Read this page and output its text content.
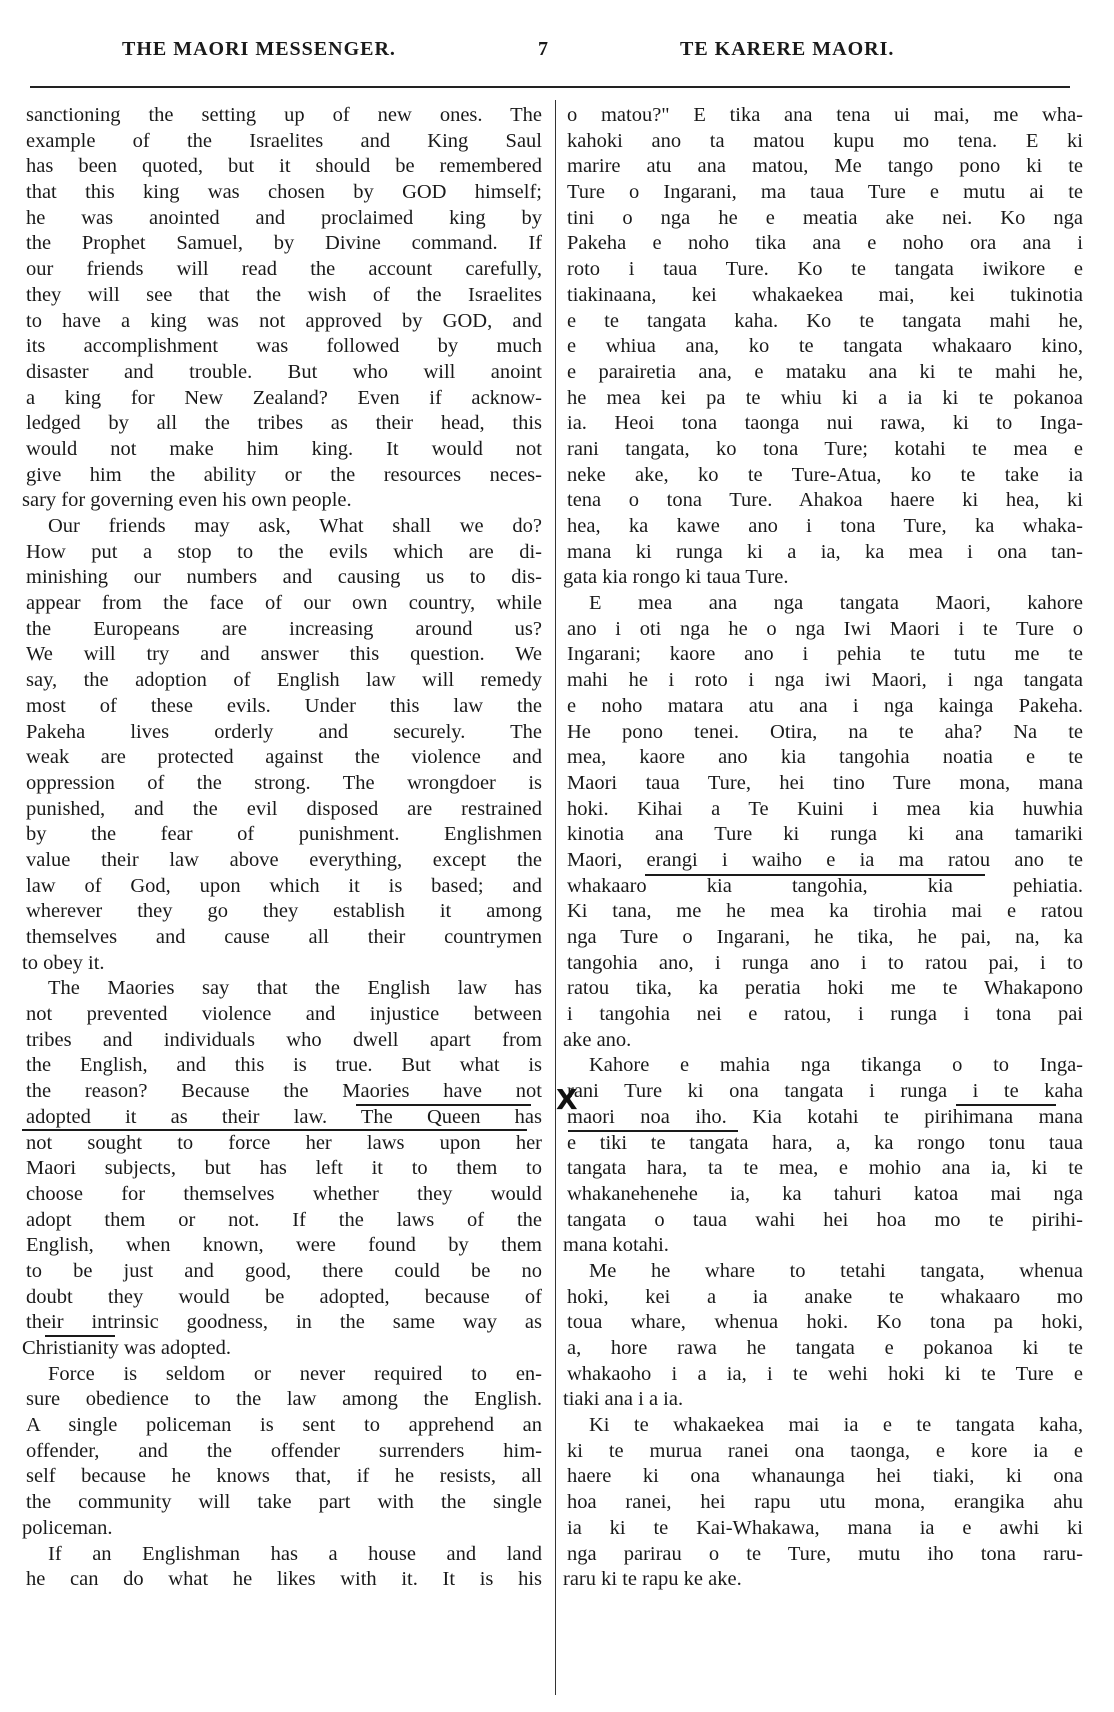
THE MAORI MESSENGER.	7	TE KARERE MAORI.
sanctioning the setting up of new ones. The
example of the Israelites and King Saul
has been quoted, but it should be remembered
that this king was chosen by GOD himself;
he was anointed and proclaimed king by
the Prophet Samuel, by Divine command. If
our friends will read the account carefully,
they will see that the wish of the Israelites
to have a king was not approved by GOD, and
its accomplishment was followed by much
disaster and trouble. But who will anoint
a king for New Zealand? Even if acknow-
ledged by all the tribes as their head, this
would not make him king. It would not
give him the ability or the resources neces-
sary for governing even his own people.
Our friends may ask, What shall we do?
How put a stop to the evils which are di-
minishing our numbers and causing us to dis-
appear from the face of our own country, while
the Europeans are increasing around us?
We will try and answer this question. We
say, the adoption of English law will remedy
most of these evils. Under this law the
Pakeha lives orderly and securely. The
weak are protected against the violence and
oppression of the strong. The wrongdoer is
punished, and the evil disposed are restrained
by the fear of punishment. Englishmen
value their law above everything, except the
law of God, upon which it is based; and
wherever they go they establish it among
themselves and cause all their countrymen
to obey it.
The Maories say that the English law has
not prevented violence and injustice between
tribes and individuals who dwell apart from
the English, and this is true. But what is
the reason? Because the Maories have not
adopted it as their law. The Queen has
not sought to force her laws upon her
Maori subjects, but has left it to them to
choose for themselves whether they would
adopt them or not. If the laws of the
English, when known, were found by them
to be just and good, there could be no
doubt they would be adopted, because of
their intrinsic goodness, in the same way as
Christianity was adopted.
Force is seldom or never required to en-
sure obedience to the law among the English.
A single policeman is sent to apprehend an
offender, and the offender surrenders him-
self because he knows that, if he resists, all
the community will take part with the single
policeman.
If an Englishman has a house and land
he can do what he likes with it. It is his
o matou?" E tika ana tena ui mai, me wha-
kahoki ano ta matou kupu mo tena. E ki
marire atu ana matou, Me tango pono ki te
Ture o Ingarani, ma taua Ture e mutu ai te
tini o nga he e meatia ake nei. Ko nga
Pakeha e noho tika ana e noho ora ana i
roto i taua Ture. Ko te tangata iwikore e
tiakinaana, kei whakaekea mai, kei tukinotia
e te tangata kaha. Ko te tangata mahi he,
e whiua ana, ko te tangata whakaaro kino,
e parairetia ana, e mataku ana ki te mahi he,
he mea kei pa te whiu ki a ia ki te pokanoa
ia. Heoi tona taonga nui rawa, ki to Inga-
rani tangata, ko tona Ture; kotahi te mea e
neke ake, ko te Ture-Atua, ko te take ia
tena o tona Ture. Ahakoa haere ki hea, ki
hea, ka kawe ano i tona Ture, ka whaka-
mana ki runga ki a ia, ka mea i ona tan-
gata kia rongo ki taua Ture.
E mea ana nga tangata Maori, kahore
ano i oti nga he o nga Iwi Maori i te Ture o
Ingarani; kaore ano i pehia te tutu me te
mahi he i roto i nga iwi Maori, i nga tangata
e noho matara atu ana i nga kainga Pakeha.
He pono tenei. Otira, na te aha? Na te
mea, kaore ano kia tangohia noatia e te
Maori taua Ture, hei tino Ture mona, mana
hoki. Kihai a Te Kuini i mea kia huwhia
kinotia ana Ture ki runga ki ana tamariki
Maori, erangi i waiho e ia ma ratou ano te
whakaaro kia tangohia, kia pehiatia.
Ki tana, me he mea ka tirohia mai e ratou
nga Ture o Ingarani, he tika, he pai, na, ka
tangohia ano, i runga ano i to ratou pai, i to
ratou tika, ka peratia hoki me te Whakapono
i tangohia nei e ratou, i runga i tona pai
ake ano.
Kahore e mahia nga tikanga o to Inga-
rani Ture ki ona tangata i runga i te kaha
maori noa iho. Kia kotahi te pirihimana mana
e tiki te tangata hara, a, ka rongo tonu taua
tangata hara, ta te mea, e mohio ana ia, ki te
whakanehenehe ia, ka tahuri katoa mai nga
tangata o taua wahi hei hoa mo te pirihi-
mana kotahi.
Me he whare to tetahi tangata, whenua
hoki, kei a ia anake te whakaaro mo
toua whare, whenua hoki. Ko tona pa hoki,
a, hore rawa he tangata e pokanoa ki te
whakaoho i a ia, i te wehi hoki ki te Ture e
tiaki ana i a ia.
Ki te whakaekea mai ia e te tangata kaha,
ki te murua ranei ona taonga, e kore ia e
haere ki ona whanaunga hei tiaki, ki ona
hoa ranei, hei rapu utu mona, erangika ahu
ia ki te Kai-Whakawa, mana ia e awhi ki
nga parirau o te Ture, mutu iho tona raru-
raru ki te rapu ke ake.
X
